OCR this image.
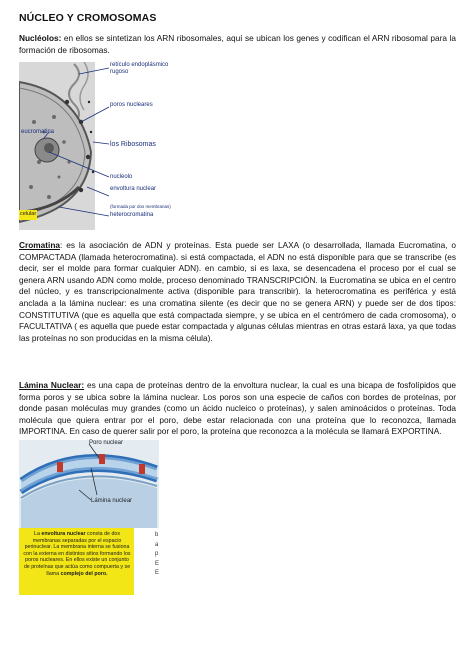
NÚCLEO Y CROMOSOMAS
Nucléolos: en ellos se sintetizan los ARN ribosomales, aquí se ubican los genes y codifican el ARN ribosomal para la formación de ribosomas.
retículo endoplásmico rugoso
poros nucleares
eucromatina
los Ribosomas
nucleolo
envoltura nuclear
(formada por dos membranas)
heterocromatina
celular
Cromatina: es la asociación de ADN y proteínas. Esta puede ser LAXA (o desarrollada, llamada Eucromatina, o COMPACTADA (llamada heterocromatina). si está compactada, el ADN no está disponible para que se transcribe (es decir, ser el molde para formar cualquier ADN). en cambio, si es laxa, se desencadena el proceso por el cual se genera ARN usando ADN como molde, proceso denominado TRANSCRIPCIÓN. la Eucromatina se ubica en el centro del núcleo, y es transcripcionalmente activa (disponible para transcribir). la heterocromatina es periférica y está anclada a la lámina nuclear: es una cromatina silente (es decir que no se genera ARN) y puede ser de dos tipos: CONSTITUTIVA (que es aquella que está compactada siempre, y se ubica en el centrómero de cada cromosoma), o FACULTATIVA ( es aquella que puede estar compactada y algunas células mientras en otras estará laxa, ya que todas las proteínas no son producidas en la misma célula).
Lámina Nuclear: es una capa de proteínas dentro de la envoltura nuclear, la cual es una bicapa de fosfolípidos que forma poros y se ubica sobre la lámina nuclear. Los poros son una especie de caños con bordes de proteínas, por donde pasan moléculas muy grandes (como un ácido nucleico o proteínas), y salen aminoácidos o proteínas. Toda molécula que quiera entrar por el poro, debe estar relacionada con una proteína que lo reconozca, llamada IMPORTINA. En caso de querer salir por el poro, la proteína que reconozca a la molécula se llamará EXPORTINA.
Poro nuclear
Lámina nuclear
La envoltura nuclear consta de dos membranas separadas por el espacio perinuclear. La membrana interna se fusiona con la externa en distintos sitios formando los poros nucleares. En ellos existe un conjunto de proteínas que actúa como compuerta y se llama complejo del poro.
b
a
p
E
E
